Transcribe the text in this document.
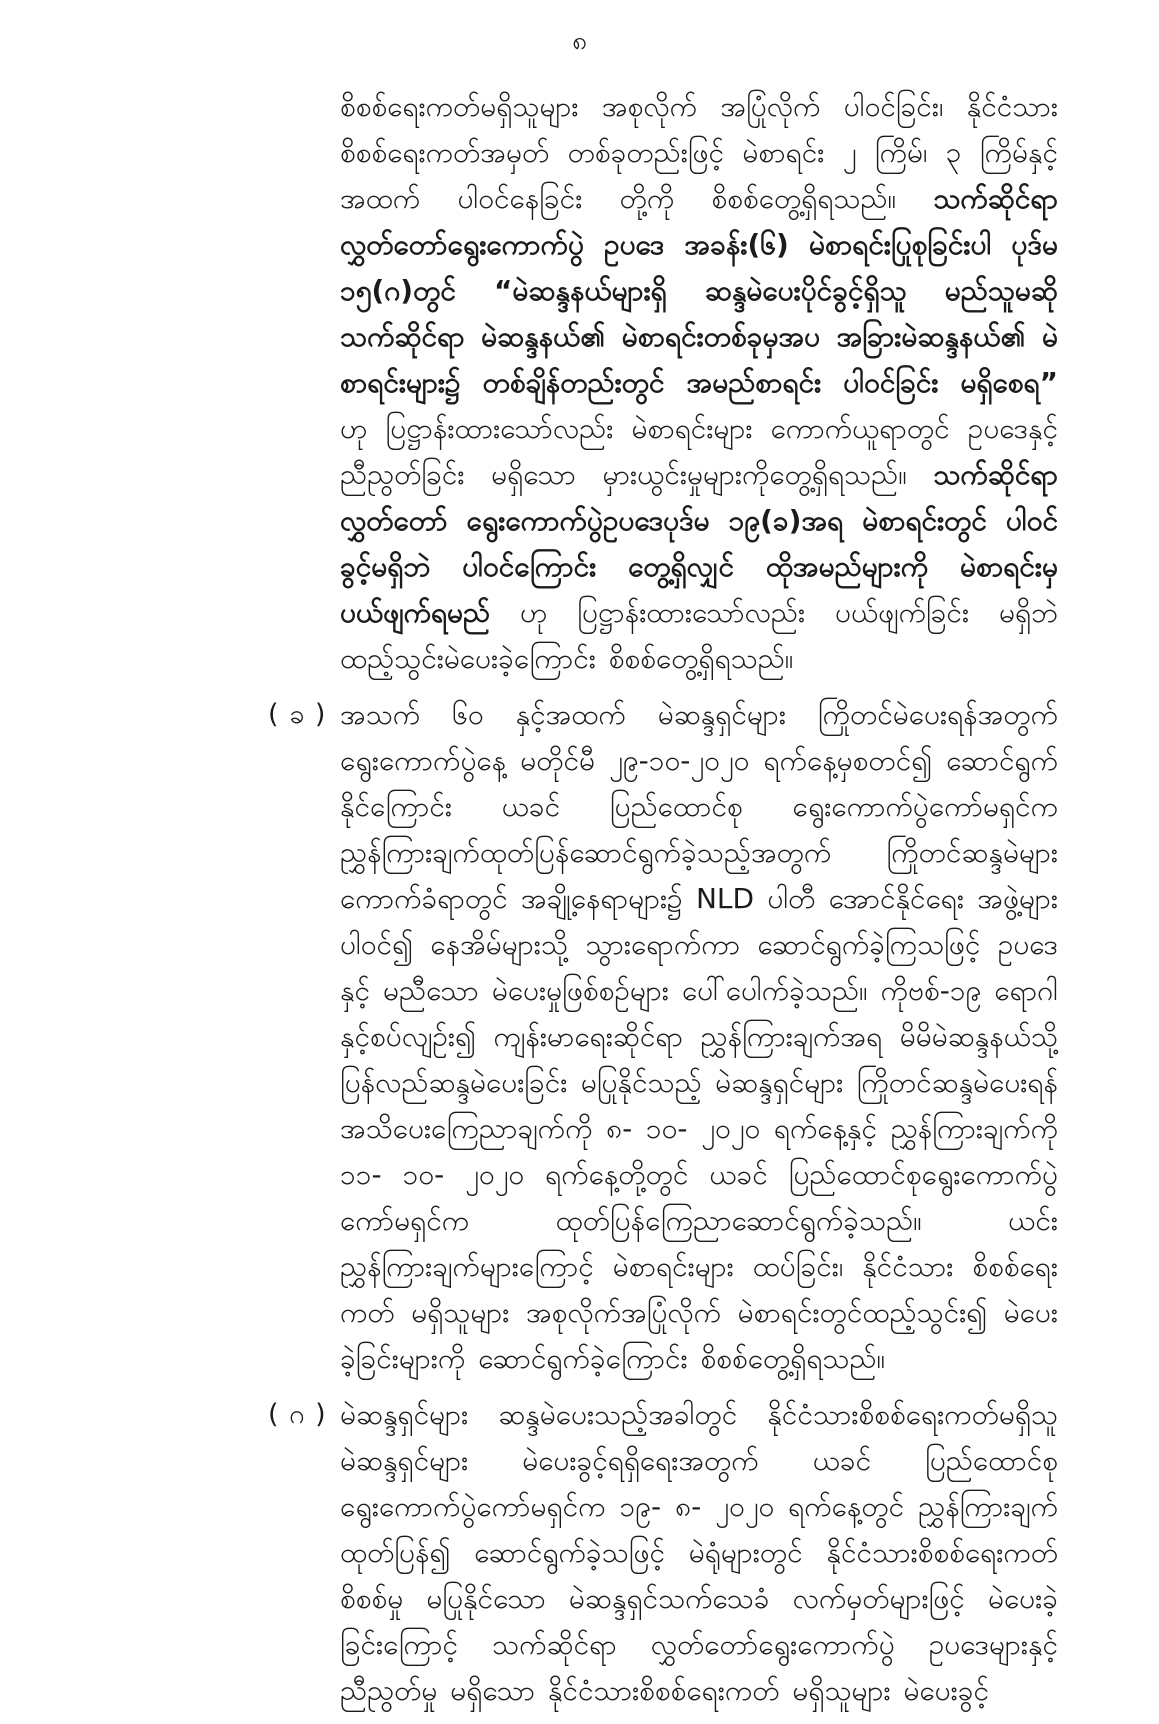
၈
စိစစ်ရေးကတ်မရှိသူများ အစုလိုက် အပြုံလိုက် ပါဝင်ခြင်း၊ နိုင်ငံသား စိစစ်ရေးကတ်အမှတ် တစ်ခုတည်းဖြင့် မဲစာရင်း ၂ ကြိမ်၊ ၃ ကြိမ်နှင့်အထက် ပါဝင်နေခြင်း တို့ကို စိစစ်တွေ့ရှိရသည်။ သက်ဆိုင်ရာ လွှတ်တော်ရွေးကောက်ပွဲ ဥပဒေ အခန်း(၆) မဲစာရင်းပြုစုခြင်းပါ ပုဒ်မ ၁၅(ဂ)တွင် “မဲဆန္ဒနယ်များရှိ ဆန္ဒမဲပေးပိုင်ခွင့်ရှိသူ မည်သူမဆို သက်ဆိုင်ရာ မဲဆန္ဒနယ်၏ မဲစာရင်းတစ်ခုမှအပ အခြားမဲဆန္ဒနယ်၏ မဲစာရင်းများ၌ တစ်ချိန်တည်းတွင် အမည်စာရင်း ပါဝင်ခြင်း မရှိစေရ” ဟု ပြဋ္ဌာန်းထားသော်လည်း မဲစာရင်းများ ကောက်ယူရာတွင် ဥပဒေနှင့် ညီညွတ်ခြင်း မရှိသော မှားယွင်းမှုများကိုတွေ့ရှိရသည်။ သက်ဆိုင်ရာ လွှတ်တော် ရွေးကောက်ပွဲဥပဒေပုဒ်မ ၁၉(ခ)အရ မဲစာရင်းတွင် ပါဝင်ခွင့်မရှိဘဲ ပါဝင်ကြောင်း တွေ့ရှိလျှင် ထိုအမည်များကို မဲစာရင်းမှ ပယ်ဖျက်ရမည် ဟု ပြဋ္ဌာန်းထားသော်လည်း ပယ်ဖျက်ခြင်း မရှိဘဲ ထည့်သွင်းမဲပေးခဲ့ကြောင်း စိစစ်တွေ့ရှိရသည်။
( ခ ) အသက် ၆၀ နှင့်အထက် မဲဆန္ဒရှင်များ ကြိုတင်မဲပေးရန်အတွက် ရွေးကောက်ပွဲနေ့ မတိုင်မီ ၂၉-၁၀-၂၀၂၀ ရက်နေ့မှစတင်၍ ဆောင်ရွက်နိုင်ကြောင်း ယခင် ပြည်ထောင်စု ရွေးကောက်ပွဲကော်မရှင်က ညွှန်ကြားချက်ထုတ်ပြန်ဆောင်ရွက်ခဲ့သည့်အတွက် ကြိုတင်ဆန္ဒမဲများ ကောက်ခံရာတွင် အချို့နေရာများ၌ NLD ပါတီ အောင်နိုင်ရေး အဖွဲ့များ ပါဝင်၍ နေအိမ်များသို့ သွားရောက်ကာ ဆောင်ရွက်ခဲ့ကြသဖြင့် ဥပဒေနှင့် မညီသော မဲပေးမှုဖြစ်စဉ်များ ပေါ်ပေါက်ခဲ့သည်။ ကိုဗစ်-၁၉ ရောဂါနှင့်စပ်လျဉ်း၍ ကျန်းမာရေးဆိုင်ရာ ညွှန်ကြားချက်အရ မိမိမဲဆန္ဒနယ်သို့ ပြန်လည်ဆန္ဒမဲပေးခြင်း မပြုနိုင်သည့် မဲဆန္ဒရှင်များ ကြိုတင်ဆန္ဒမဲပေးရန် အသိပေးကြေညာချက်ကို ၈- ၁၀- ၂၀၂၀ ရက်နေ့နှင့် ညွှန်ကြားချက်ကို ၁၁- ၁၀- ၂၀၂၀ ရက်နေ့တို့တွင် ယခင် ပြည်ထောင်စုရွေးကောက်ပွဲကော်မရှင်က ထုတ်ပြန်ကြေညာဆောင်ရွက်ခဲ့သည်။ ယင်း ညွှန်ကြားချက်များကြောင့် မဲစာရင်းများ ထပ်ခြင်း၊ နိုင်ငံသား စိစစ်ရေးကတ် မရှိသူများ အစုလိုက်အပြုံလိုက် မဲစာရင်းတွင်ထည့်သွင်း၍ မဲပေးခဲ့ခြင်းများကို ဆောင်ရွက်ခဲ့ကြောင်း စိစစ်တွေ့ရှိရသည်။
( ဂ ) မဲဆန္ဒရှင်များ ဆန္ဒမဲပေးသည့်အခါတွင် နိုင်ငံသားစိစစ်ရေးကတ်မရှိသူ မဲဆန္ဒရှင်များ မဲပေးခွင့်ရရှိရေးအတွက် ယခင် ပြည်ထောင်စုရွေးကောက်ပွဲကော်မရှင်က ၁၉- ၈- ၂၀၂၀ ရက်နေ့တွင် ညွှန်ကြားချက်ထုတ်ပြန်၍ ဆောင်ရွက်ခဲ့သဖြင့် မဲရုံများတွင် နိုင်ငံသားစိစစ်ရေးကတ် စိစစ်မှု မပြုနိုင်သော မဲဆန္ဒရှင်သက်သေခံ လက်မှတ်များဖြင့် မဲပေးခဲ့ခြင်းကြောင့် သက်ဆိုင်ရာ လွှတ်တော်ရွေးကောက်ပွဲ ဥပဒေများနှင့် ညီညွတ်မှု မရှိသော နိုင်ငံသားစိစစ်ရေးကတ် မရှိသူများ မဲပေးခွင့်
